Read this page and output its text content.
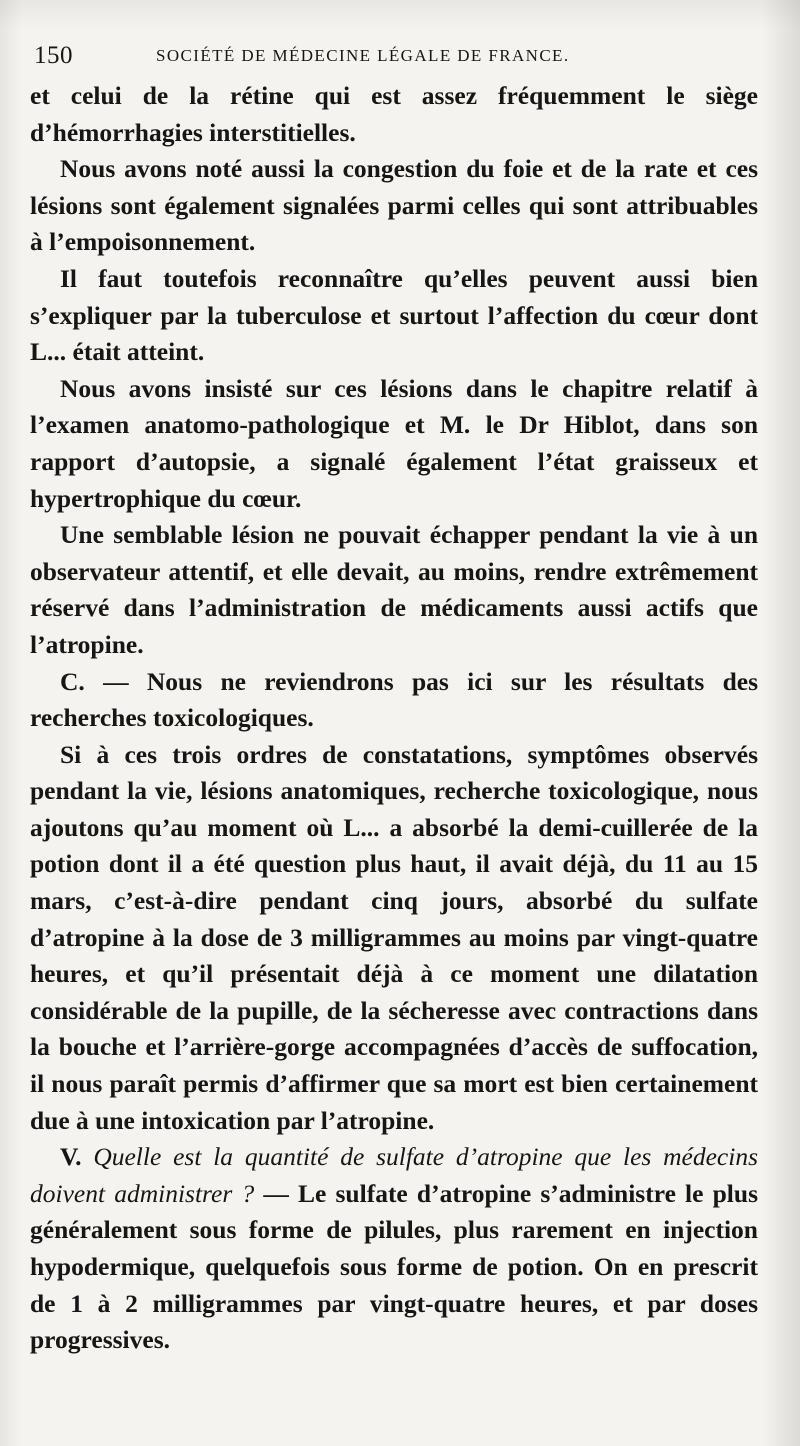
150	SOCIÉTÉ DE MÉDECINE LÉGALE DE FRANCE.

et celui de la rétine qui est assez fréquemment le siège d’hémorrhagies interstitielles.

Nous avons noté aussi la congestion du foie et de la rate et ces lésions sont également signalées parmi celles qui sont attribuables à l’empoisonnement.

Il faut toutefois reconnaître qu’elles peuvent aussi bien s’expliquer par la tuberculose et surtout l’affection du cœur dont L... était atteint.

Nous avons insisté sur ces lésions dans le chapitre relatif à l’examen anatomo-pathologique et M. le Dr Hiblot, dans son rapport d’autopsie, a signalé également l’état graisseux et hypertrophique du cœur.

Une semblable lésion ne pouvait échapper pendant la vie à un observateur attentif, et elle devait, au moins, rendre extrêmement réservé dans l’administration de médicaments aussi actifs que l’atropine.

C. — Nous ne reviendrons pas ici sur les résultats des recherches toxicologiques.

Si à ces trois ordres de constatations, symptômes observés pendant la vie, lésions anatomiques, recherche toxicologique, nous ajoutons qu’au moment où L... a absorbé la demi-cuillerée de la potion dont il a été question plus haut, il avait déjà, du 11 au 15 mars, c’est-à-dire pendant cinq jours, absorbé du sulfate d’atropine à la dose de 3 milligrammes au moins par vingt-quatre heures, et qu’il présentait déjà à ce moment une dilatation considérable de la pupille, de la sécheresse avec contractions dans la bouche et l’arrière-gorge accompagnées d’accès de suffocation, il nous paraît permis d’affirmer que sa mort est bien certainement due à une intoxication par l’atropine.

V. Quelle est la quantité de sulfate d’atropine que les médecins doivent administrer ? — Le sulfate d’atropine s’administre le plus généralement sous forme de pilules, plus rarement en injection hypodermique, quelquefois sous forme de potion. On en prescrit de 1 à 2 milligrammes par vingt-quatre heures, et par doses progressives.
